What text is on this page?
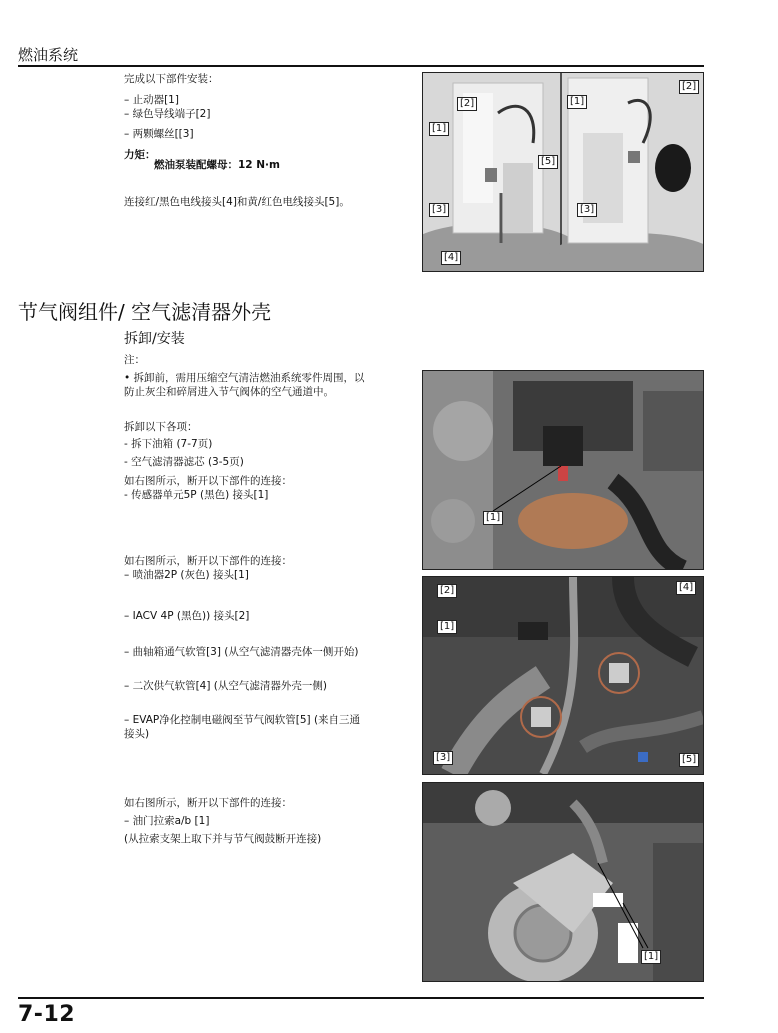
燃油系统
完成以下部件安装：
– 止动器[1]
– 绿色导线端子[2]
– 两颗螺丝[[3]
力矩：
燃油泵装配螺母：12 N·m
连接红/黑色电线接头[4]和黄/红色电线接头[5]。
[2]
[1]
[5]
[3]
[4]
[1]
[2]
[3]
节气阀组件/ 空气滤清器外壳
拆卸/安装
注：
• 拆卸前，需用压缩空气清洁燃油系统零件周围，以
防止灰尘和碎屑进入节气阀体的空气通道中。
拆卸以下各项：
- 拆下油箱 (7-7页)
- 空气滤清器滤芯 (3-5页)
如右图所示，断开以下部件的连接：
- 传感器单元5P (黑色) 接头[1]
[1]
如右图所示，断开以下部件的连接：
– 喷油器2P (灰色) 接头[1]
– IACV 4P (黑色)) 接头[2]
– 曲轴箱通气软管[3] (从空气滤清器壳体一侧开始)
– 二次供气软管[4] (从空气滤清器外壳一侧)
– EVAP净化控制电磁阀至节气阀软管[5] (来自三通
接头)
[2]	[4]
[1]
[3]	[5]
如右图所示，断开以下部件的连接：
– 油门拉索a/b [1]
(从拉索支架上取下并与节气阀鼓断开连接)
[1]
7-12
